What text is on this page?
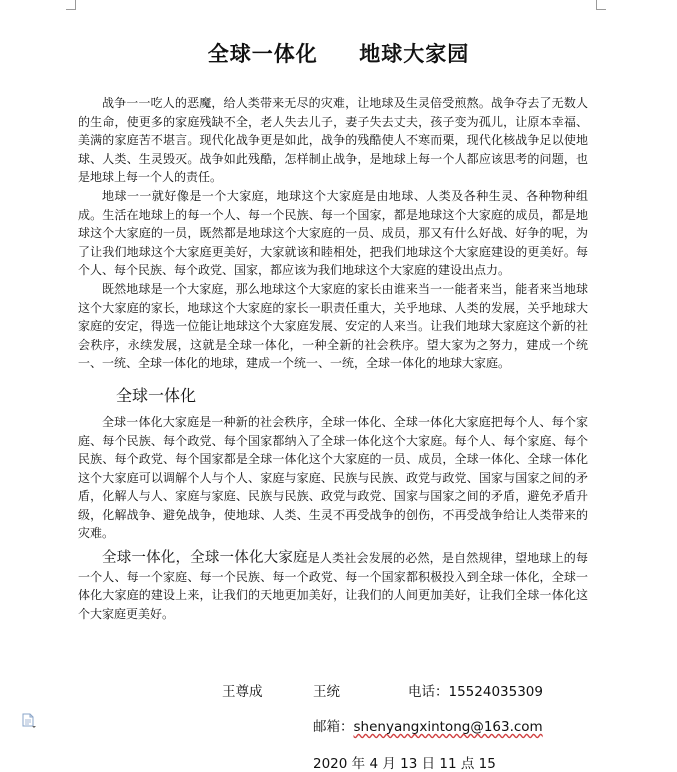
全球一体化     地球大家园

战争一一吃人的恶魔，给人类带来无尽的灾难，让地球及生灵倍受煎熬。战争夺去了无数人的生命，使更多的家庭残缺不全，老人失去儿子，妻子失去丈夫，孩子变为孤儿，让原本幸福、美满的家庭苦不堪言。现代化战争更是如此，战争的残酷使人不寒而栗，现代化核战争足以使地球、人类、生灵毁灭。战争如此残酷，怎样制止战争，是地球上每一个人都应该思考的问题，也是地球上每一个人的责任。

地球一一就好像是一个大家庭，地球这个大家庭是由地球、人类及各种生灵、各种物种组成。生活在地球上的每一个人、每一个民族、每一个国家，都是地球这个大家庭的成员，都是地球这个大家庭的一员，既然都是地球这个大家庭的一员、成员，那又有什么好战、好争的呢，为了让我们地球这个大家庭更美好，大家就该和睦相处，把我们地球这个大家庭建设的更美好。每个人、每个民族、每个政党、国家，都应该为我们地球这个大家庭的建设出点力。

既然地球是一个大家庭，那么地球这个大家庭的家长由谁来当一一能者来当，能者来当地球这个大家庭的家长，地球这个大家庭的家长一职责任重大，关乎地球、人类的发展，关乎地球大家庭的安定，得选一位能让地球这个大家庭发展、安定的人来当。让我们地球大家庭这个新的社会秩序，永续发展，这就是全球一体化，一种全新的社会秩序。望大家为之努力，建成一个统一、一统、全球一体化的地球，建成一个统一、一统，全球一体化的地球大家庭。

全球一体化

全球一体化大家庭是一种新的社会秩序，全球一体化、全球一体化大家庭把每个人、每个家庭、每个民族、每个政党、每个国家都纳入了全球一体化这个大家庭。每个人、每个家庭、每个民族、每个政党、每个国家都是全球一体化这个大家庭的一员、成员，全球一体化、全球一体化这个大家庭可以调解个人与个人、家庭与家庭、民族与民族、政党与政党、国家与国家之间的矛盾，化解人与人、家庭与家庭、民族与民族、政党与政党、国家与国家之间的矛盾，避免矛盾升级，化解战争、避免战争，使地球、人类、生灵不再受战争的创伤，不再受战争给让人类带来的灾难。

全球一体化，全球一体化大家庭是人类社会发展的必然，是自然规律，望地球上的每一个人、每一个家庭、每一个民族、每一个政党、每一个国家都积极投入到全球一体化，全球一体化大家庭的建设上来，让我们的天地更加美好，让我们的人间更加美好，让我们全球一体化这个大家庭更美好。

王尊成	王统	电话：15524035309
邮箱：shenyangxintong@163.com
2020 年 4 月 13 日 11 点 15
